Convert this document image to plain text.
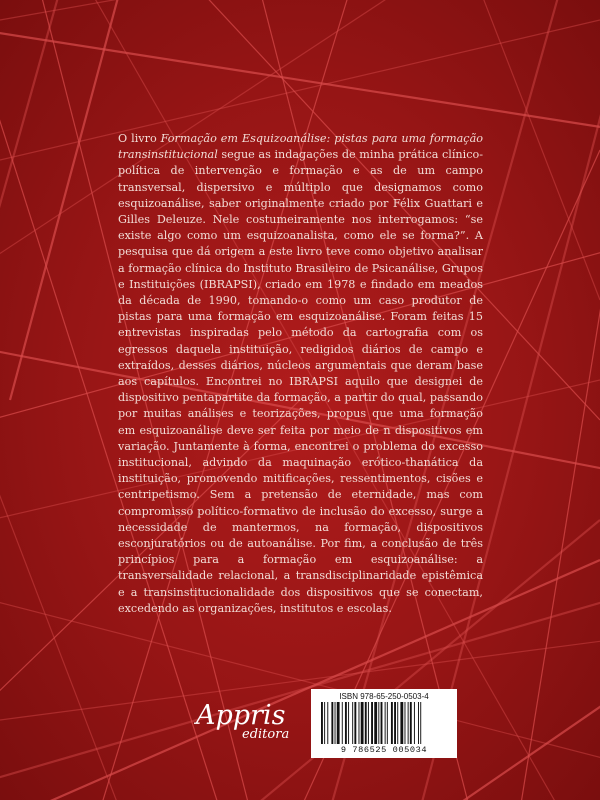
O livro Formação em Esquizoanálise: pistas para uma formação transinstitucional segue as indagações de minha prática clínico-política de intervenção e formação e as de um campo transversal, dispersivo e múltiplo que designamos como esquizoanálise, saber originalmente criado por Félix Guattari e Gilles Deleuze. Nele costumeiramente nos interrogamos: “se existe algo como um esquizoanalista, como ele se forma?”. A pesquisa que dá origem a este livro teve como objetivo analisar a formação clínica do Instituto Brasileiro de Psicanálise, Grupos e Instituições (IBRAPSI), criado em 1978 e findado em meados da década de 1990, tomando-o como um caso produtor de pistas para uma formação em esquizoanálise. Foram feitas 15 entrevistas inspiradas pelo método da cartografia com os egressos daquela instituição, redigidos diários de campo e extraídos, desses diários, núcleos argumentais que deram base aos capítulos. Encontrei no IBRAPSI aquilo que designei de dispositivo pentapartite da formação, a partir do qual, passando por muitas análises e teorizações, propus que uma formação em esquizoanálise deve ser feita por meio de n dispositivos em variação. Juntamente à forma, encontrei o problema do excesso institucional, advindo da maquinação erótico-thanática da instituição, promovendo mitificações, ressentimentos, cisões e centripetismo. Sem a pretensão de eternidade, mas com compromisso político-formativo de inclusão do excesso, surge a necessidade de mantermos, na formação, dispositivos esconjuratórios ou de autoanálise. Por fim, a conclusão de três princípios para a formação em esquizoanálise: a transversalidade relacional, a transdisciplinaridade epistêmica e a transinstitucionalidade dos dispositivos que se conectam, excedendo as organizações, institutos e escolas.
Appris
editora
ISBN 978-65-250-0503-4
9 786525 005034
